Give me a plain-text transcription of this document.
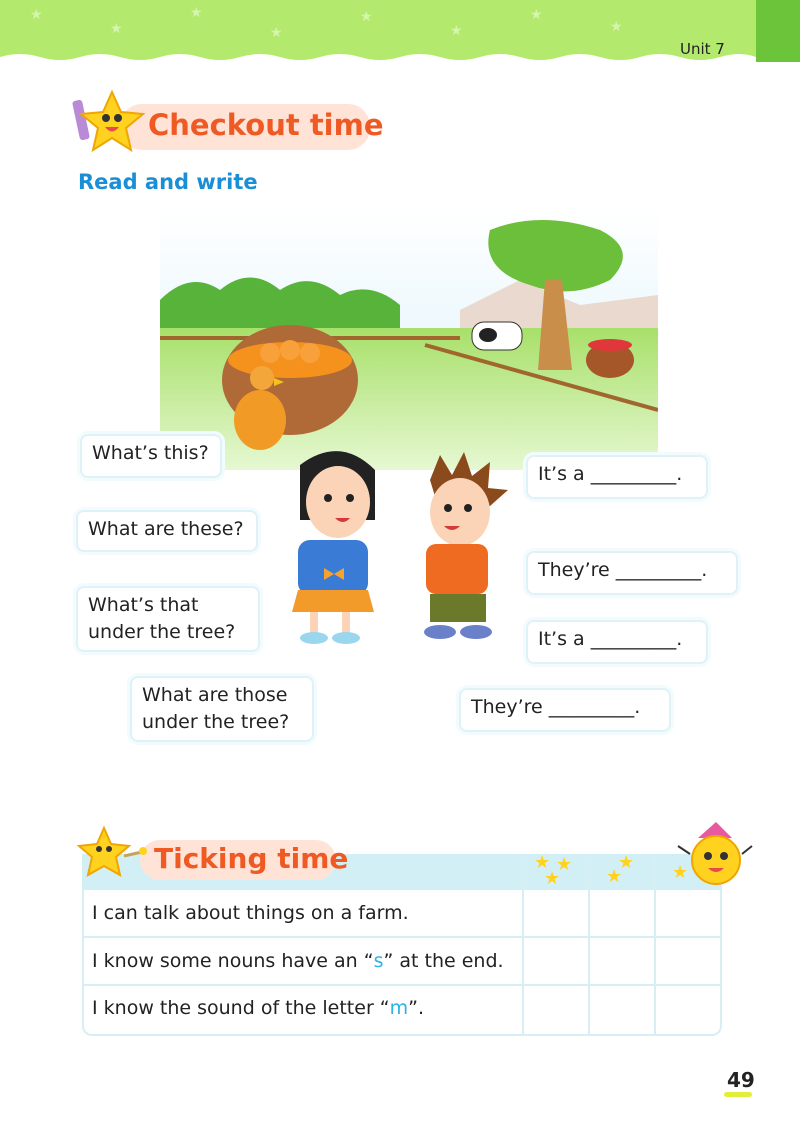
★
★
★
★
★
★
★
★
Unit 7
Checkout time
Read and write
What’s this?
What are these?
What’s that
under the tree?
What are those
under the tree?
It’s a _________.
They’re _________.
It’s a _________.
They’re _________.
Ticking time	★ ★
★
★
★	★
I can talk about things on a farm.
I know some nouns have an “s” at the end.
I know the sound of the letter “m”.
49
